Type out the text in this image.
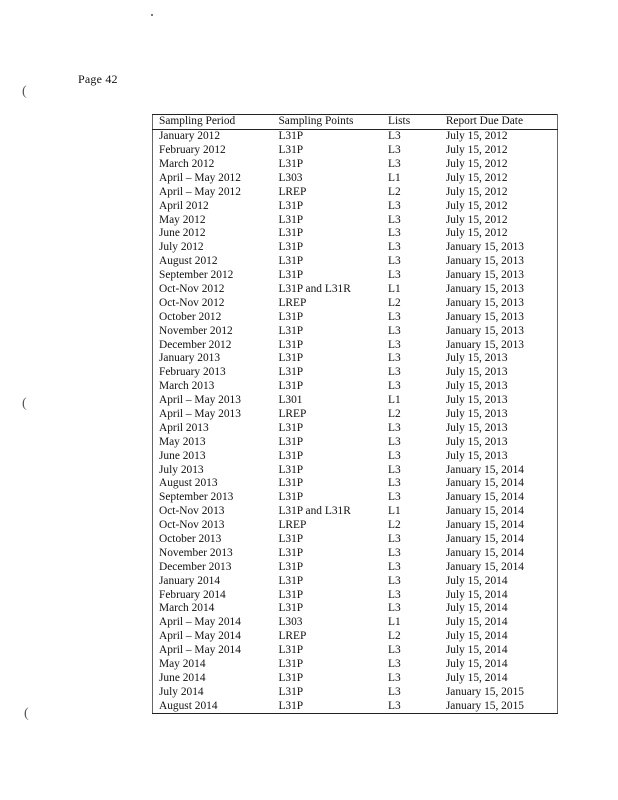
Page 42
(
(
(
Sampling Period	Sampling Points	Lists	Report Due Date
January 2012	L31P	L3	July 15, 2012
February 2012	L31P	L3	July 15, 2012
March 2012	L31P	L3	July 15, 2012
April – May 2012	L303	L1	July 15, 2012
April – May 2012	LREP	L2	July 15, 2012
April 2012	L31P	L3	July 15, 2012
May 2012	L31P	L3	July 15, 2012
June 2012	L31P	L3	July 15, 2012
July 2012	L31P	L3	January 15, 2013
August 2012	L31P	L3	January 15, 2013
September 2012	L31P	L3	January 15, 2013
Oct-Nov 2012	L31P and L31R	L1	January 15, 2013
Oct-Nov 2012	LREP	L2	January 15, 2013
October 2012	L31P	L3	January 15, 2013
November 2012	L31P	L3	January 15, 2013
December 2012	L31P	L3	January 15, 2013
January 2013	L31P	L3	July 15, 2013
February 2013	L31P	L3	July 15, 2013
March 2013	L31P	L3	July 15, 2013
April – May 2013	L301	L1	July 15, 2013
April – May 2013	LREP	L2	July 15, 2013
April 2013	L31P	L3	July 15, 2013
May 2013	L31P	L3	July 15, 2013
June 2013	L31P	L3	July 15, 2013
July 2013	L31P	L3	January 15, 2014
August 2013	L31P	L3	January 15, 2014
September 2013	L31P	L3	January 15, 2014
Oct-Nov 2013	L31P and L31R	L1	January 15, 2014
Oct-Nov 2013	LREP	L2	January 15, 2014
October 2013	L31P	L3	January 15, 2014
November 2013	L31P	L3	January 15, 2014
December 2013	L31P	L3	January 15, 2014
January 2014	L31P	L3	July 15, 2014
February 2014	L31P	L3	July 15, 2014
March 2014	L31P	L3	July 15, 2014
April – May 2014	L303	L1	July 15, 2014
April – May 2014	LREP	L2	July 15, 2014
April – May 2014	L31P	L3	July 15, 2014
May 2014	L31P	L3	July 15, 2014
June 2014	L31P	L3	July 15, 2014
July 2014	L31P	L3	January 15, 2015
August 2014	L31P	L3	January 15, 2015
